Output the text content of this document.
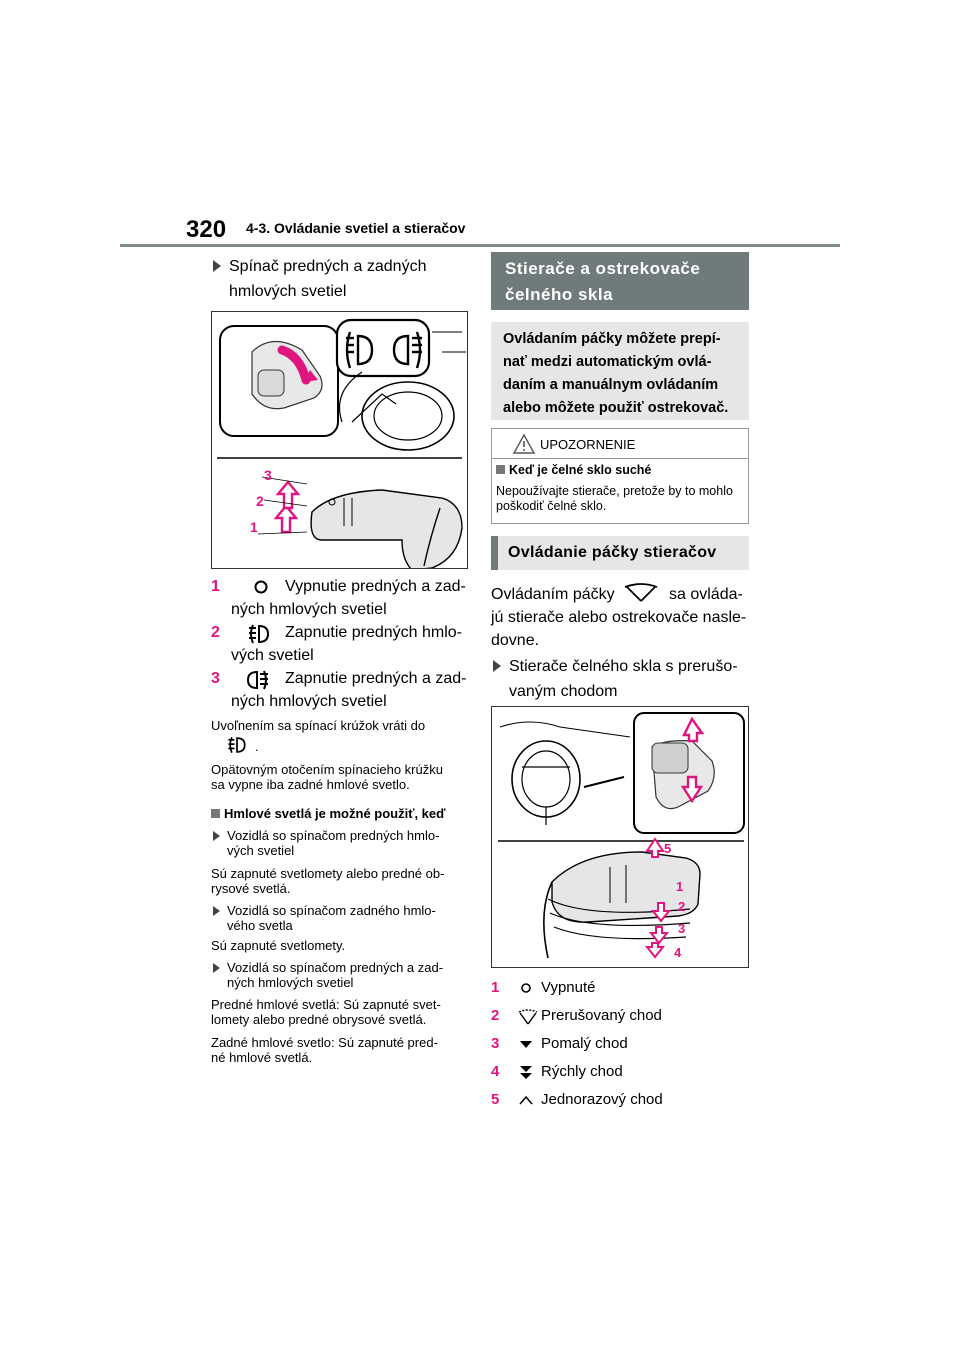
320 4-3. Ovládanie svetiel a stieračov
Spínač predných a zadných
hmlových svetiel
3
2
1
1	Vypnutie predných a zad-
ných hmlových svetiel
2	Zapnutie predných hmlo-
vých svetiel
3	Zapnutie predných a zad-
ných hmlových svetiel
Uvoľnením sa spínací krúžok vráti do
.
Opätovným otočením spínacieho krúžku
sa vypne iba zadné hmlové svetlo.
Hmlové svetlá je možné použiť, keď
Vozidlá so spínačom predných hmlo-
vých svetiel
Sú zapnuté svetlomety alebo predné ob-
rysové svetlá.
Vozidlá so spínačom zadného hmlo-
vého svetla
Sú zapnuté svetlomety.
Vozidlá so spínačom predných a zad-
ných hmlových svetiel
Predné hmlové svetlá: Sú zapnuté svet-
lomety alebo predné obrysové svetlá.
Zadné hmlové svetlo: Sú zapnuté pred-
né hmlové svetlá.
Stierače a ostrekovače
čelného skla
Ovládaním páčky môžete prepí-
nať medzi automatickým ovlá-
daním a manuálnym ovládaním
alebo môžete použiť ostrekovač.
UPOZORNENIE
Keď je čelné sklo suché
Nepoužívajte stierače, pretože by to mohlo poškodiť čelné sklo.
Ovládanie páčky stieračov
Ovládaním páčky	sa ovláda-
jú stierače alebo ostrekovače nasle-
dovne.
Stierače čelného skla s prerušo-
vaným chodom
5
1
2
3
4
1	Vypnuté
2	Prerušovaný chod
3	Pomalý chod
4	Rýchly chod
5	Jednorazový chod
